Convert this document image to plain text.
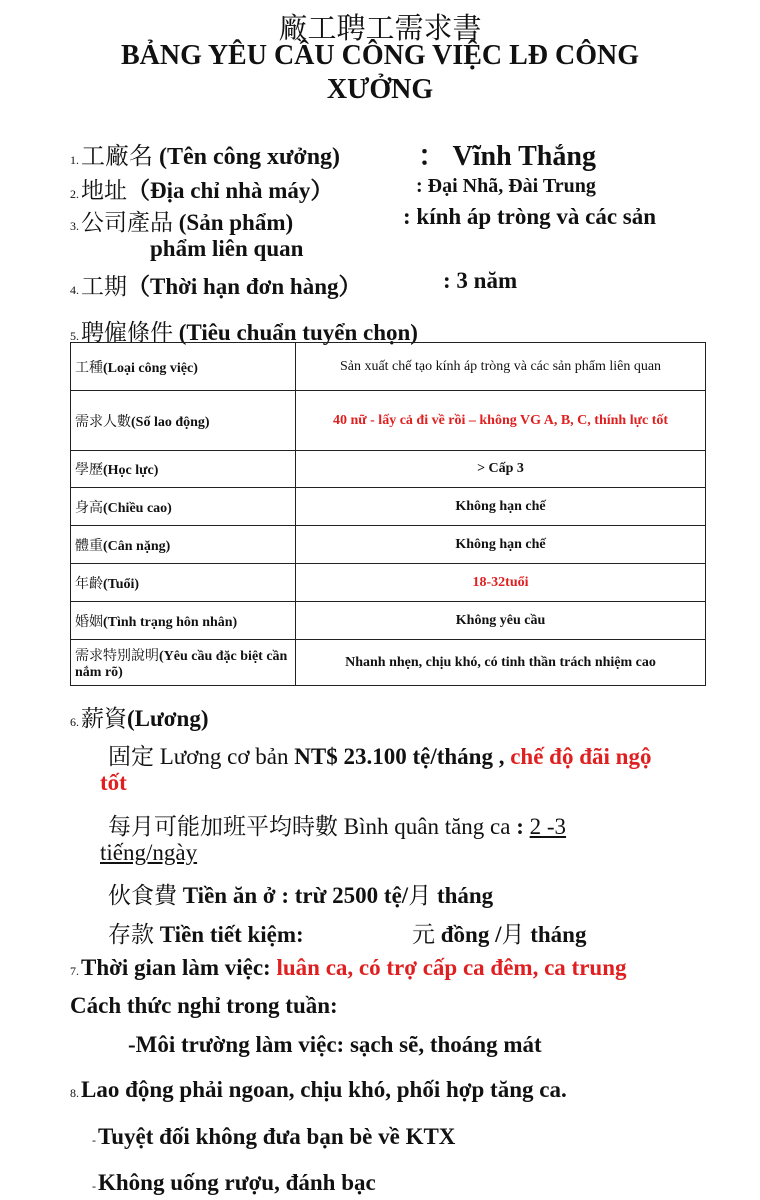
廠工聘工需求書
BẢNG YÊU CẦU CÔNG VIỆC LĐ CÔNG
XƯỞNG
1.工廠名 (Tên công xưởng)	： Vĩnh Thắng
2.地址（Địa chỉ nhà máy）	: Đại Nhã, Đài Trung
3.公司產品 (Sản phẩm)	: kính áp tròng và các sản
phẩm liên quan
4.工期（Thời hạn đơn hàng）	: 3 năm
5.聘僱條件 (Tiêu chuẩn tuyển chọn)
工種(Loại công việc)	Sản xuất chế tạo kính áp tròng và các sản phẩm liên quan
需求人數(Số lao động)	40 nữ - lấy cả đi về rồi – không VG A, B, C, thính lực tốt
學歷(Học lực)	> Cấp 3
身高(Chiều cao)	Không hạn chế
體重(Cân nặng)	Không hạn chế
年齡(Tuổi)	18-32tuổi
婚姻(Tình trạng hôn nhân)	Không yêu cầu
需求特別說明(Yêu cầu đặc biệt cần nắm rõ)	Nhanh nhẹn, chịu khó, có tinh thần trách nhiệm cao
6.薪資(Lương)
固定 Lương cơ bản NT$ 23.100 tệ/tháng , chế độ đãi ngộ
tốt
每月可能加班平均時數 Bình quân tăng ca : 2 -3
tiếng/ngày
伙食費 Tiền ăn ở : trừ 2500 tệ/月 tháng
存款 Tiền tiết kiệm:	元 đồng /月 tháng
7.Thời gian làm việc: luân ca, có trợ cấp ca đêm, ca trung
Cách thức nghỉ trong tuần:
-Môi trường làm việc: sạch sẽ, thoáng mát
8.Lao động phải ngoan, chịu khó, phối hợp tăng ca.
-Tuyệt đối không đưa bạn bè về KTX
-Không uống rượu, đánh bạc
